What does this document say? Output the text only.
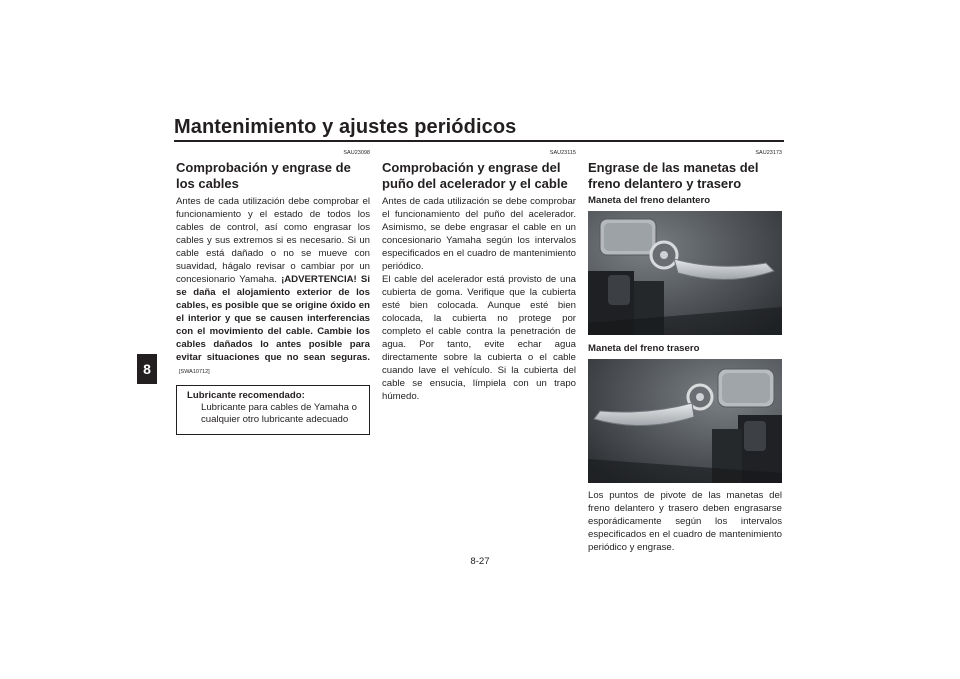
Mantenimiento y ajustes periódicos
8

SAU23098

Comprobación y engrase de los cables

Antes de cada utilización debe comprobar el funcionamiento y el estado de todos los cables de control, así como engrasar los cables y sus extremos si es necesario. Si un cable está dañado o no se mueve con suavidad, hágalo revisar o cambiar por un concesionario Yamaha. ¡ADVERTENCIA! Si se daña el alojamiento exterior de los cables, es posible que se origine óxido en el interior y que se causen interferencias con el movimiento del cable. Cambie los cables dañados lo antes posible para evitar situaciones que no sean seguras.[SWA10712]

Lubricante recomendado:
Lubricante para cables de Yamaha o cualquier otro lubricante adecuado

SAU23115

Comprobación y engrase del puño del acelerador y el cable

Antes de cada utilización se debe comprobar el funcionamiento del puño del acelerador. Asimismo, se debe engrasar el cable en un concesionario Yamaha según los intervalos especificados en el cuadro de mantenimiento periódico.

El cable del acelerador está provisto de una cubierta de goma. Verifique que la cubierta esté bien colocada. Aunque esté bien colocada, la cubierta no protege por completo el cable contra la penetración de agua. Por tanto, evite echar agua directamente sobre la cubierta o el cable cuando lave el vehículo. Si la cubierta del cable se ensucia, límpiela con un trapo húmedo.

SAU23173

Engrase de las manetas del freno delantero y trasero
Maneta del freno delantero
Maneta del freno trasero

Los puntos de pivote de las manetas del freno delantero y trasero deben engrasarse esporádicamente según los intervalos especificados en el cuadro de mantenimiento periódico y engrase.

8-27
